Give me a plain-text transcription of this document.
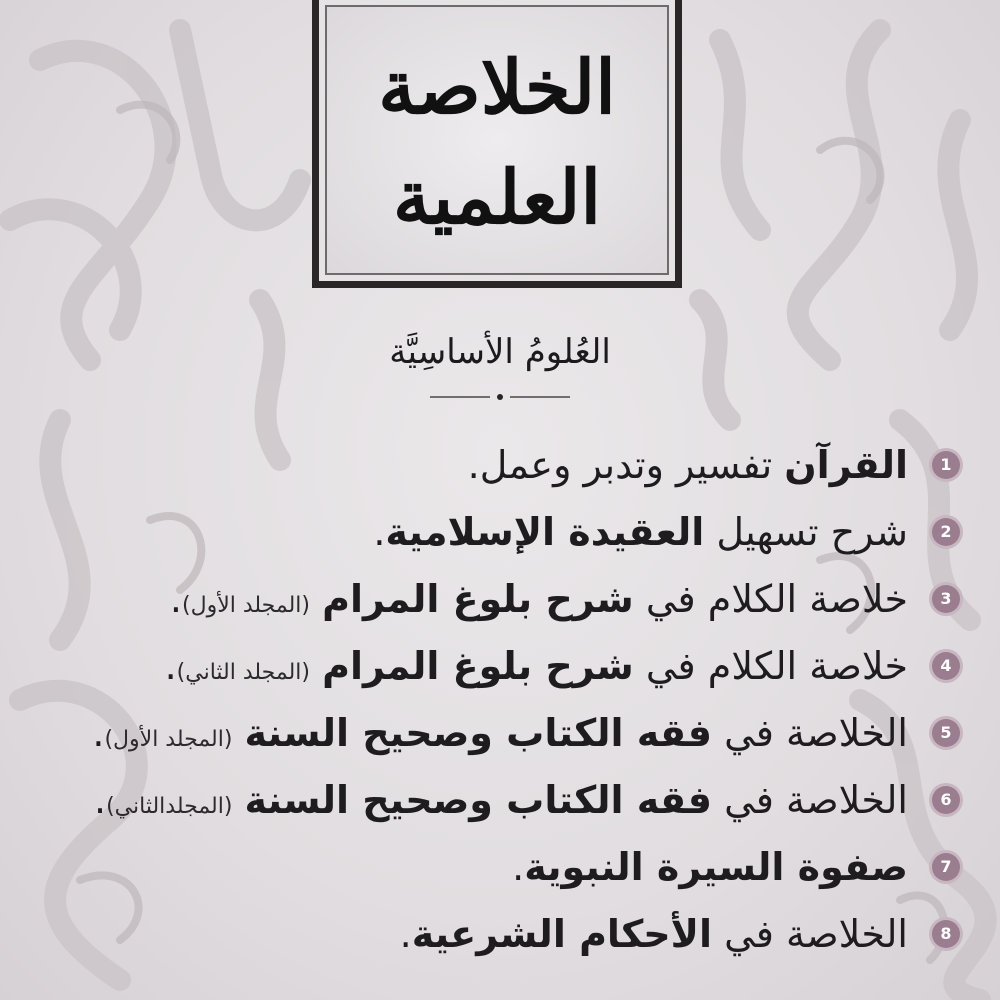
الخلاصة
العلمية
العُلومُ الأساسِيَّة
1
القرآن تفسير وتدبر وعمل.
2
شرح تسهيل العقيدة الإسلامية.
3
خلاصة الكلام في شرح بلوغ المرام (المجلد الأول).
4
خلاصة الكلام في شرح بلوغ المرام (المجلد الثاني).
5
الخلاصة في فقه الكتاب وصحيح السنة (المجلد الأول).
6
الخلاصة في فقه الكتاب وصحيح السنة (المجلدالثاني).
7
صفوة السيرة النبوية.
8
الخلاصة في الأحكام الشرعية.
